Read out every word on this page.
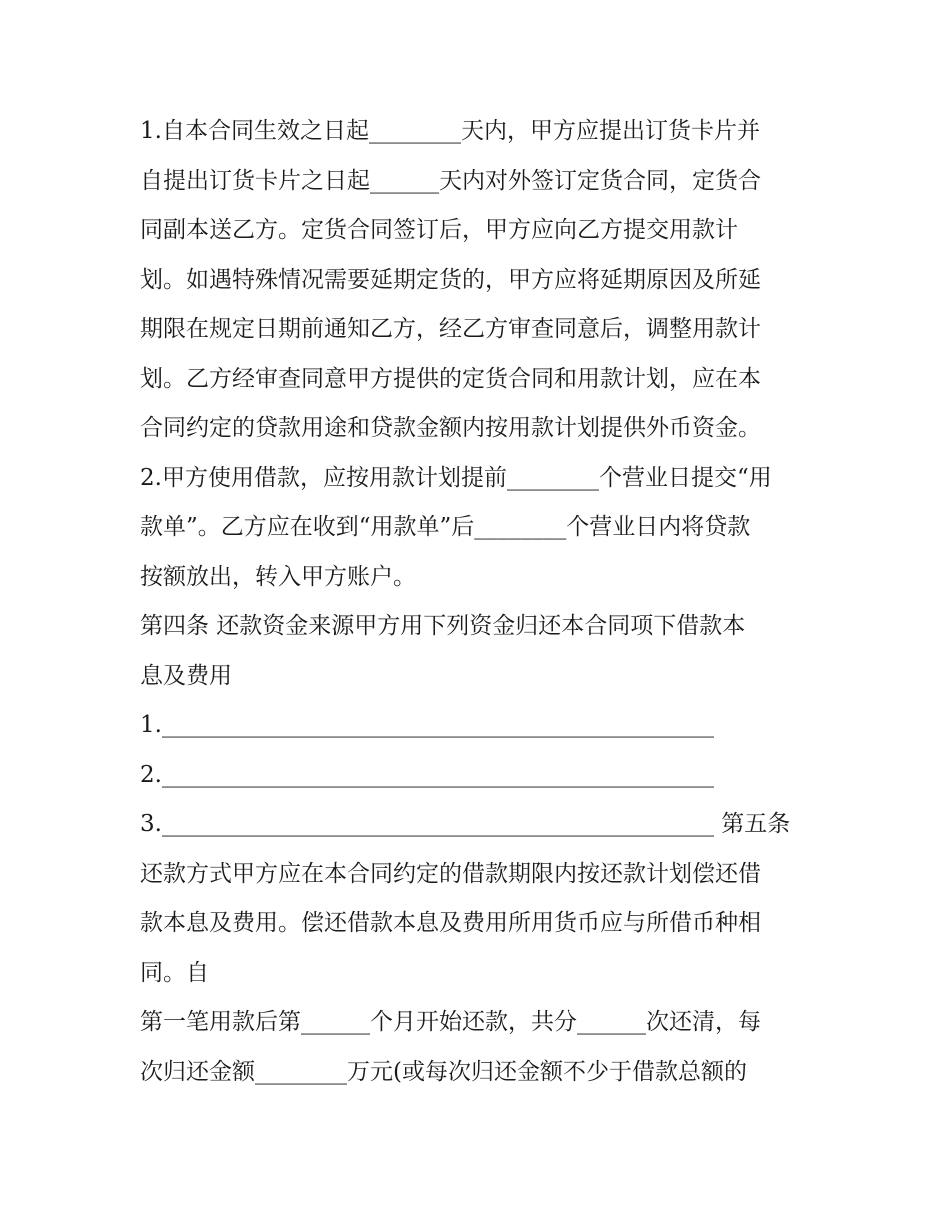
1.自本合同生效之日起________天内，甲方应提出订货卡片并
自提出订货卡片之日起______天内对外签订定货合同，定货合
同副本送乙方。定货合同签订后，甲方应向乙方提交用款计
划。如遇特殊情况需要延期定货的，甲方应将延期原因及所延
期限在规定日期前通知乙方，经乙方审查同意后，调整用款计
划。乙方经审查同意甲方提供的定货合同和用款计划，应在本
合同约定的贷款用途和贷款金额内按用款计划提供外币资金。
2.甲方使用借款，应按用款计划提前________个营业日提交“用
款单”。乙方应在收到“用款单”后________个营业日内将贷款
按额放出，转入甲方账户。
第四条 还款资金来源甲方用下列资金归还本合同项下借款本
息及费用
1.________________________________________________
2.________________________________________________
3.________________________________________________ 第五条
还款方式甲方应在本合同约定的借款期限内按还款计划偿还借
款本息及费用。偿还借款本息及费用所用货币应与所借币种相
同。自
第一笔用款后第______个月开始还款，共分______次还清，每
次归还金额________万元(或每次归还金额不少于借款总额的
